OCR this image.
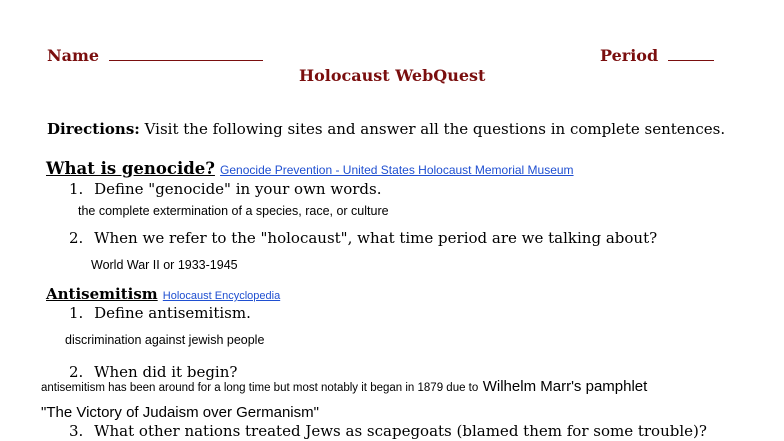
Name	Period
Holocaust WebQuest
Directions: Visit the following sites and answer all the questions in complete sentences.
What is genocide? Genocide Prevention - United States Holocaust Memorial Museum
1. Define "genocide" in your own words.
the complete extermination of a species, race, or culture
2. When we refer to the "holocaust", what time period are we talking about?
World War II or 1933-1945
Antisemitism Holocaust Encyclopedia
1. Define antisemitism.
discrimination against jewish people
2. When did it begin?
antisemitism has been around for a long time but most notably it began in 1879 due to Wilhelm Marr's pamphlet
"The Victory of Judaism over Germanism"
3. What other nations treated Jews as scapegoats (blamed them for some trouble)?
